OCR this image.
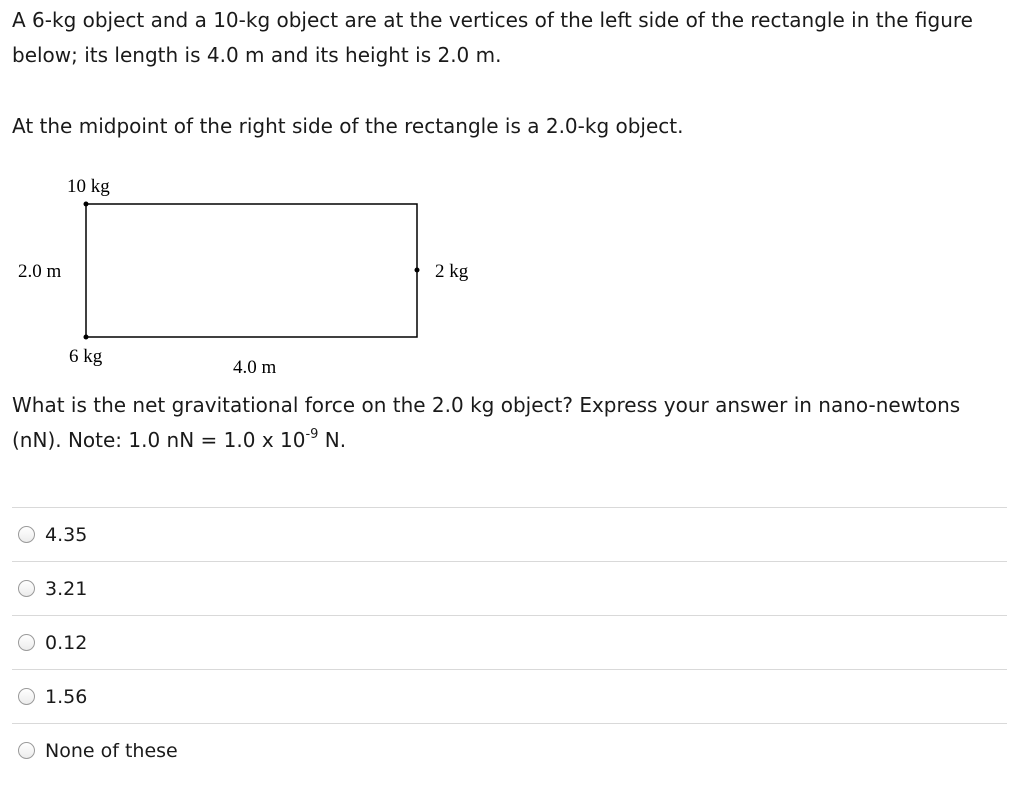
A 6-kg object and a 10-kg object are at the vertices of the left side of the rectangle in the figure below; its length is 4.0 m and its height is 2.0 m.

At the midpoint of the right side of the rectangle is a 2.0-kg object.

10 kg
2.0 m	2 kg
6 kg
4.0 m

What is the net gravitational force on the 2.0 kg object? Express your answer in nano-newtons (nN). Note: 1.0 nN = 1.0 x $10^{-9}$ N.

4.35
3.21
0.12
1.56
None of these
